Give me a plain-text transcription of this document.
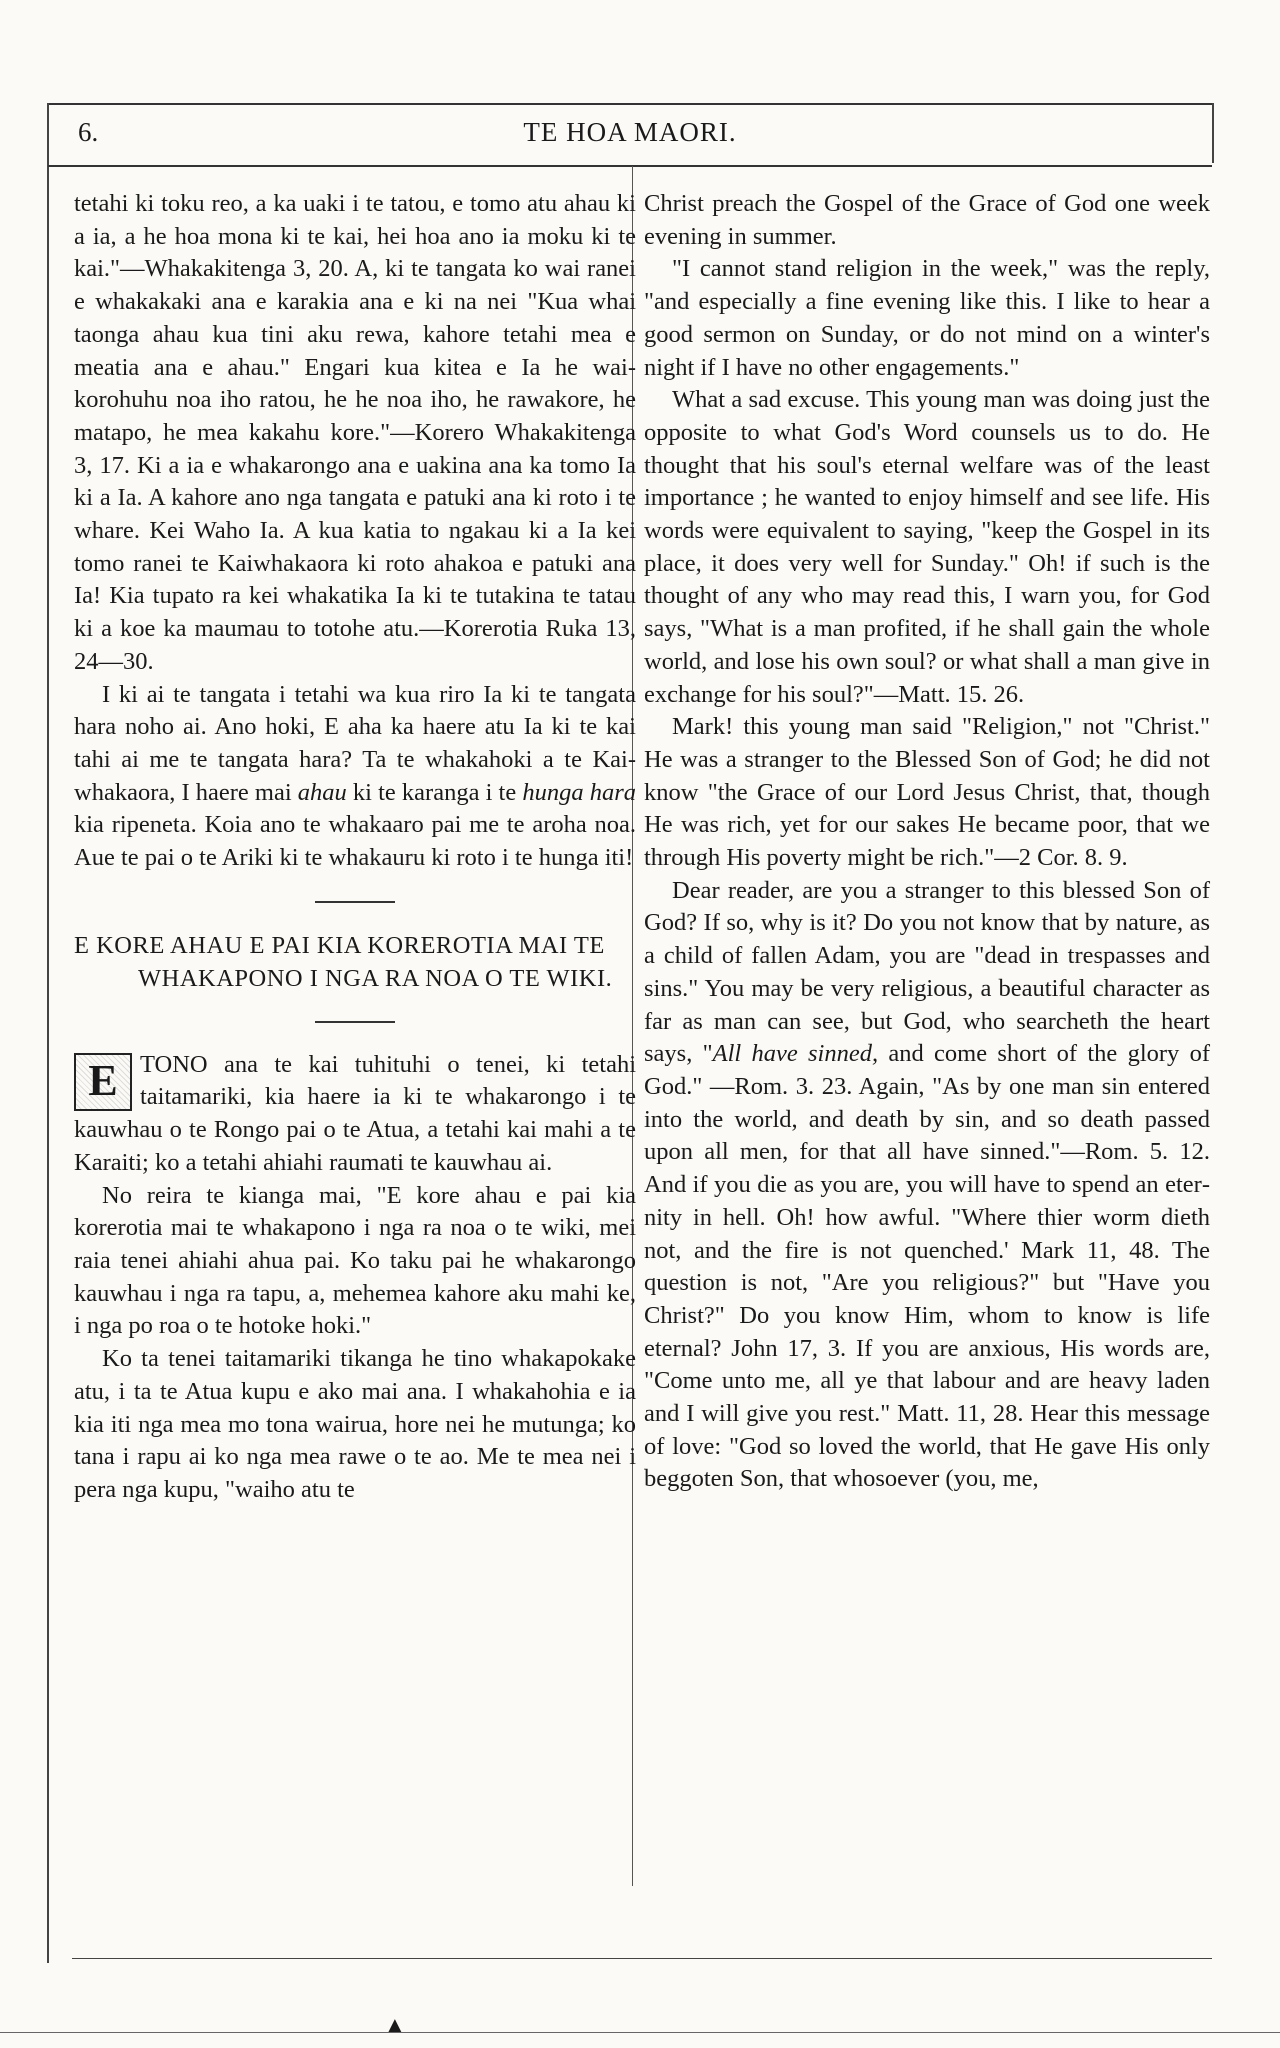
6.	TE HOA MAORI.

tetahi ki toku reo, a ka uaki i te tatou, e tomo atu ahau ki a ia, a he hoa mona ki te kai, hei hoa ano ia moku ki te kai."—Whakakitenga 3, 20. A, ki te tangata ko wai ranei e whakakaki ana e karakia ana e ki na nei "Kua whai taonga ahau kua tini aku rewa, kahore tetahi mea e meatia ana e ahau." Engari kua kitea e Ia he waikorohuhu noa iho ratou, he he noa iho, he rawakore, he matapo, he mea kakahu kore."—Korero Whakakitenga 3, 17. Ki a ia e whakarongo ana e uakina ana ka tomo Ia ki a Ia. A kahore ano nga tangata e patuki ana ki roto i te whare. Kei Waho Ia. A kua katia to ngakau ki a Ia kei tomo ranei te Kaiwhakaora ki roto ahakoa e patuki ana Ia! Kia tupato ra kei whakatika Ia ki te tutakina te tatau ki a koe ka maumau to totohe atu.—Korerotia Ruka 13, 24—30.

I ki ai te tangata i tetahi wa kua riro Ia ki te tangata hara noho ai. Ano hoki, E aha ka haere atu Ia ki te kai tahi ai me te tangata hara? Ta te whakahoki a te Kaiwhakaora, I haere mai ahau ki te karanga i te hunga hara kia ripeneta. Koia ano te whakaaro pai me te aroha noa. Aue te pai o te Ariki ki te whakauru ki roto i te hunga iti!

E KORE AHAU E PAI KIA KOREROTIA MAI TE WHAKAPONO I NGA RA NOA O TE WIKI.

E TONO ana te kai tuhituhi o tenei, ki tetahi taitamariki, kia haere ia ki te whakarongo i te kauwhau o te Rongo pai o te Atua, a tetahi kai mahi a te Karaiti; ko a tetahi ahiahi raumati te kauwhau ai.

No reira te kianga mai, "E kore ahau e pai kia korerotia mai te whakapono i nga ra noa o te wiki, mei raia tenei ahiahi ahua pai. Ko taku pai he whakarongo kauwhau i nga ra tapu, a, mehemea kahore aku mahi ke, i nga po roa o te hotoke hoki."

Ko ta tenei taitamariki tikanga he tino whakapokake atu, i ta te Atua kupu e ako mai ana. I whakahohia e ia kia iti nga mea mo tona wairua, hore nei he mutunga; ko tana i rapu ai ko nga mea rawe o te ao. Me te mea nei i pera nga kupu, "waiho atu te

Christ preach the Gospel of the Grace of God one week evening in summer.

"I cannot stand religion in the week," was the reply, "and especially a fine evening like this. I like to hear a good sermon on Sunday, or do not mind on a winter's night if I have no other engagements."

What a sad excuse. This young man was doing just the opposite to what God's Word counsels us to do. He thought that his soul's eternal welfare was of the least importance ; he wanted to enjoy himself and see life. His words were equivalent to saying, "keep the Gospel in its place, it does very well for Sunday." Oh! if such is the thought of any who may read this, I warn you, for God says, "What is a man profited, if he shall gain the whole world, and lose his own soul? or what shall a man give in exchange for his soul?"—Matt. 15. 26.

Mark! this young man said "Religion," not "Christ." He was a stranger to the Blessed Son of God; he did not know "the Grace of our Lord Jesus Christ, that, though He was rich, yet for our sakes He became poor, that we through His poverty might be rich."—2 Cor. 8. 9.

Dear reader, are you a stranger to this blessed Son of God? If so, why is it? Do you not know that by nature, as a child of fallen Adam, you are "dead in trespasses and sins." You may be very religious, a beautiful character as far as man can see, but God, who searcheth the heart says, "All have sinned, and come short of the glory of God." —Rom. 3. 23. Again, "As by one man sin entered into the world, and death by sin, and so death passed upon all men, for that all have sinned."—Rom. 5. 12. And if you die as you are, you will have to spend an eternity in hell. Oh! how awful. "Where thier worm dieth not, and the fire is not quenched.' Mark 11, 48. The question is not, "Are you religious?" but "Have you Christ?" Do you know Him, whom to know is life eternal? John 17, 3. If you are anxious, His words are, "Come unto me, all ye that labour and are heavy laden and I will give you rest." Matt. 11, 28. Hear this message of love: "God so loved the world, that He gave His only beggoten Son, that whosoever (you, me,

▲
